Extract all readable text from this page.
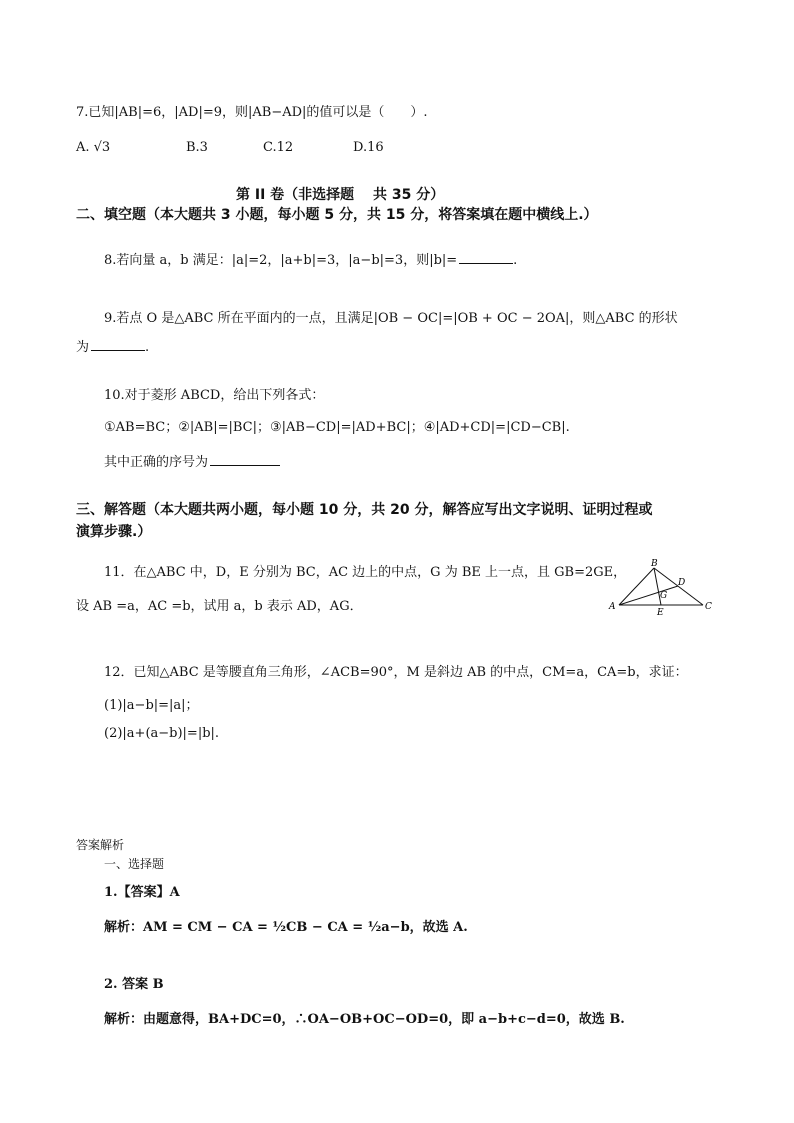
7.已知|AB|=6，|AD|=9，则|AB−AD|的值可以是（　　）.
A. √3	B.3	C.12	D.16
第 II 卷（非选择题　 共 35 分）
二、填空题（本大题共 3 小题，每小题 5 分，共 15 分，将答案填在题中横线上.）
8.若向量 a，b 满足：|a|=2，|a+b|=3，|a−b|=3，则|b|=	.
9.若点 O 是△ABC 所在平面内的一点，且满足|OB − OC|=|OB + OC − 2OA|，则△ABC 的形状
为	.
10.对于菱形 ABCD，给出下列各式：
①AB=BC；②|AB|=|BC|；③|AB−CD|=|AD+BC|；④|AD+CD|=|CD−CB|.
其中正确的序号为
三、解答题（本大题共两小题，每小题 10 分，共 20 分，解答应写出文字说明、证明过程或
演算步骤.）
11．在△ABC 中，D，E 分别为 BC，AC 边上的中点，G 为 BE 上一点，且 GB=2GE，
设 AB =a，AC =b，试用 a，b 表示 AD，AG．	A
B
C
D
E
G
12．已知△ABC 是等腰直角三角形，∠ACB=90°，M 是斜边 AB 的中点，CM=a，CA=b，求证：
(1)|a−b|=|a|；
(2)|a+(a−b)|=|b|.
答案解析
一、选择题
1.【答案】A
解析：AM = CM − CA = ½CB − CA = ½a−b，故选 A.
2. 答案 B
解析：由题意得，BA+DC=0，∴OA−OB+OC−OD=0，即 a−b+c−d=0，故选 B.
